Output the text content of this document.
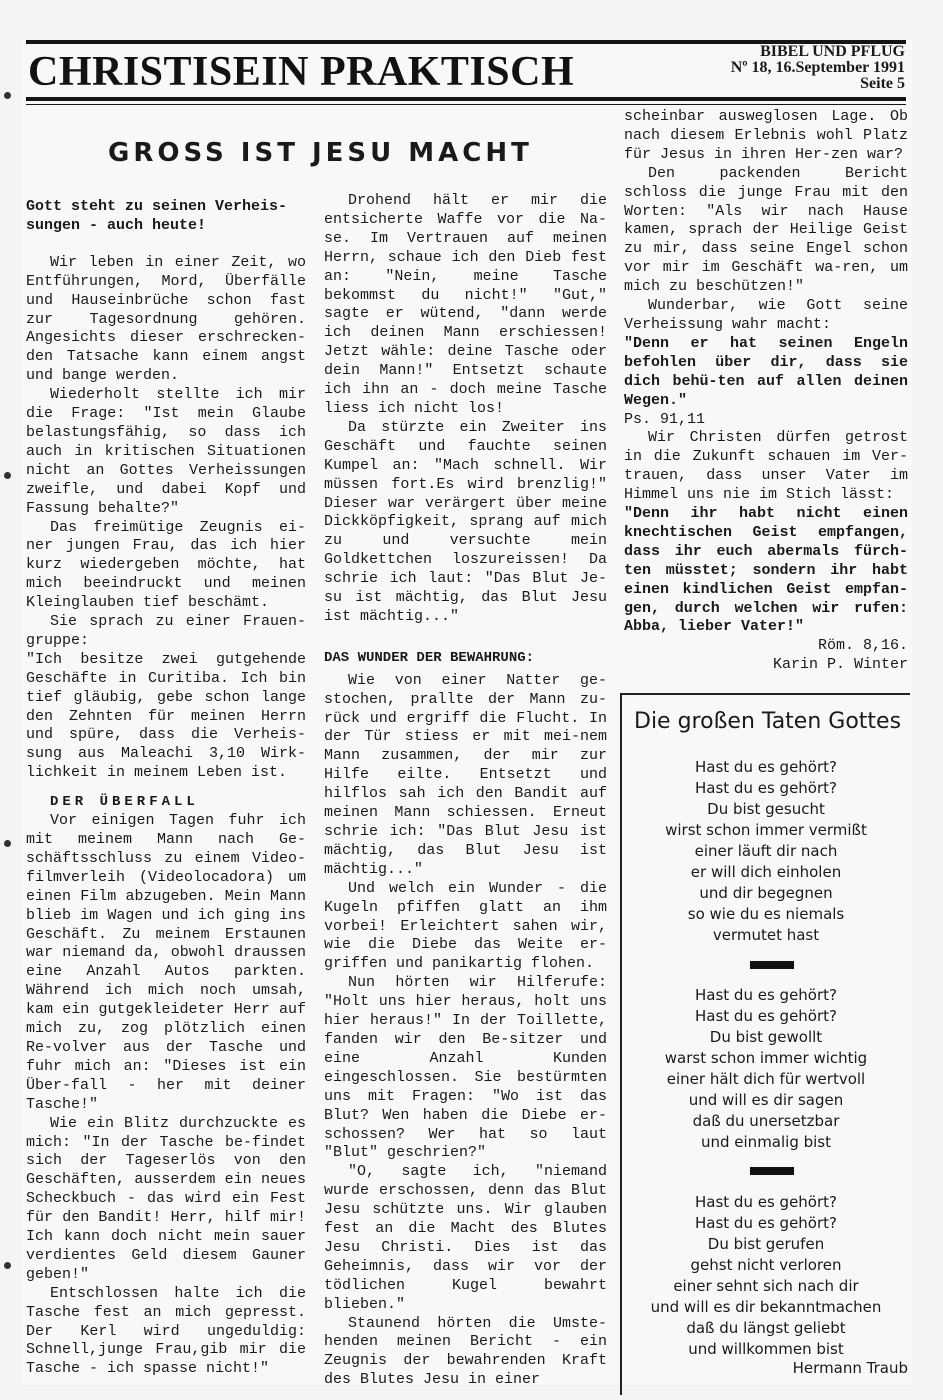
CHRISTISEIN PRAKTISCH	BIBEL UND PFLUG
Nº 18, 16.September 1991
Seite 5
GROSS IST JESU MACHT

Gott steht zu seinen Verheis-sungen - auch heute!

Wir leben in einer Zeit, wo Entführungen, Mord, Überfälle und Hauseinbrüche schon fast zur Tagesordnung gehören. Angesichts dieser erschrecken-den Tatsache kann einem angst und bange werden.

Wiederholt stellte ich mir die Frage: "Ist mein Glaube belastungsfähig, so dass ich auch in kritischen Situationen nicht an Gottes Verheissungen zweifle, und dabei Kopf und Fassung behalte?"

Das freimütige Zeugnis ei-ner jungen Frau, das ich hier kurz wiedergeben möchte, hat mich beeindruckt und meinen Kleinglauben tief beschämt.

Sie sprach zu einer Frauen-gruppe:

"Ich besitze zwei gutgehende Geschäfte in Curitiba. Ich bin tief gläubig, gebe schon lange den Zehnten für meinen Herrn und spüre, dass die Verheis-sung aus Maleachi 3,10 Wirk-lichkeit in meinem Leben ist.

DER ÜBERFALL

Vor einigen Tagen fuhr ich mit meinem Mann nach Ge-schäftsschluss zu einem Video-filmverleih (Videolocadora) um einen Film abzugeben. Mein Mann blieb im Wagen und ich ging ins Geschäft. Zu meinem Erstaunen war niemand da, obwohl draussen eine Anzahl Autos parkten. Während ich mich noch umsah, kam ein gutgekleideter Herr auf mich zu, zog plötzlich einen Re-volver aus der Tasche und fuhr mich an: "Dieses ist ein Über-fall - her mit deiner Tasche!"

Wie ein Blitz durchzuckte es mich: "In der Tasche be-findet sich der Tageserlös von den Geschäften, ausserdem ein neues Scheckbuch - das wird ein Fest für den Bandit! Herr, hilf mir! Ich kann doch nicht mein sauer verdientes Geld diesem Gauner geben!"

Entschlossen halte ich die Tasche fest an mich gepresst. Der Kerl wird ungeduldig: Schnell,junge Frau,gib mir die Tasche - ich spasse nicht!"

Drohend hält er mir die entsicherte Waffe vor die Na-se. Im Vertrauen auf meinen Herrn, schaue ich den Dieb fest an: "Nein, meine Tasche bekommst du nicht!" "Gut," sagte er wütend, "dann werde ich deinen Mann erschiessen! Jetzt wähle: deine Tasche oder dein Mann!" Entsetzt schaute ich ihn an - doch meine Tasche liess ich nicht los!

Da stürzte ein Zweiter ins Geschäft und fauchte seinen Kumpel an: "Mach schnell. Wir müssen fort.Es wird brenzlig!" Dieser war verärgert über meine Dickköpfigkeit, sprang auf mich zu und versuchte mein Goldkettchen loszureissen! Da schrie ich laut: "Das Blut Je-su ist mächtig, das Blut Jesu ist mächtig..."

DAS WUNDER DER BEWAHRUNG:

Wie von einer Natter ge-stochen, prallte der Mann zu-rück und ergriff die Flucht. In der Tür stiess er mit mei-nem Mann zusammen, der mir zur Hilfe eilte. Entsetzt und hilflos sah ich den Bandit auf meinen Mann schiessen. Erneut schrie ich: "Das Blut Jesu ist mächtig, das Blut Jesu ist mächtig..."

Und welch ein Wunder - die Kugeln pfiffen glatt an ihm vorbei! Erleichtert sahen wir, wie die Diebe das Weite er-griffen und panikartig flohen.

Nun hörten wir Hilferufe: "Holt uns hier heraus, holt uns hier heraus!" In der Toillette, fanden wir den Be-sitzer und eine Anzahl Kunden eingeschlossen. Sie bestürmten uns mit Fragen: "Wo ist das Blut? Wen haben die Diebe er-schossen? Wer hat so laut "Blut" geschrien?"

"O, sagte ich, "niemand wurde erschossen, denn das Blut Jesu schützte uns. Wir glauben fest an die Macht des Blutes Jesu Christi. Dies ist das Geheimnis, dass wir vor der tödlichen Kugel bewahrt blieben."

Staunend hörten die Umste-henden meinen Bericht - ein Zeugnis der bewahrenden Kraft des Blutes Jesu in einer

scheinbar ausweglosen Lage. Ob nach diesem Erlebnis wohl Platz für Jesus in ihren Her-zen war?

Den packenden Bericht schloss die junge Frau mit den Worten: "Als wir nach Hause kamen, sprach der Heilige Geist zu mir, dass seine Engel schon vor mir im Geschäft wa-ren, um mich zu beschützen!"

Wunderbar, wie Gott seine Verheissung wahr macht:

"Denn er hat seinen Engeln befohlen über dir, dass sie dich behü-ten auf allen deinen Wegen."

Ps. 91,11

Wir Christen dürfen getrost in die Zukunft schauen im Ver-trauen, dass unser Vater im Himmel uns nie im Stich lässt:

"Denn ihr habt nicht einen knechtischen Geist empfangen, dass ihr euch abermals fürch-ten müsstet; sondern ihr habt einen kindlichen Geist empfan-gen, durch welchen wir rufen: Abba, lieber Vater!"

Röm. 8,16.

Karin P. Winter

Die großen Taten Gottes
Hast du es gehört?
Hast du es gehört?
Du bist gesucht
wirst schon immer vermißt
einer läuft dir nach
er will dich einholen
und dir begegnen
so wie du es niemals
vermutet hast
Hast du es gehört?
Hast du es gehört?
Du bist gewollt
warst schon immer wichtig
einer hält dich für wertvoll
und will es dir sagen
daß du unersetzbar
und einmalig bist
Hast du es gehört?
Hast du es gehört?
Du bist gerufen
gehst nicht verloren
einer sehnt sich nach dir
und will es dir bekanntmachen
daß du längst geliebt
und willkommen bist
Hermann Traub
